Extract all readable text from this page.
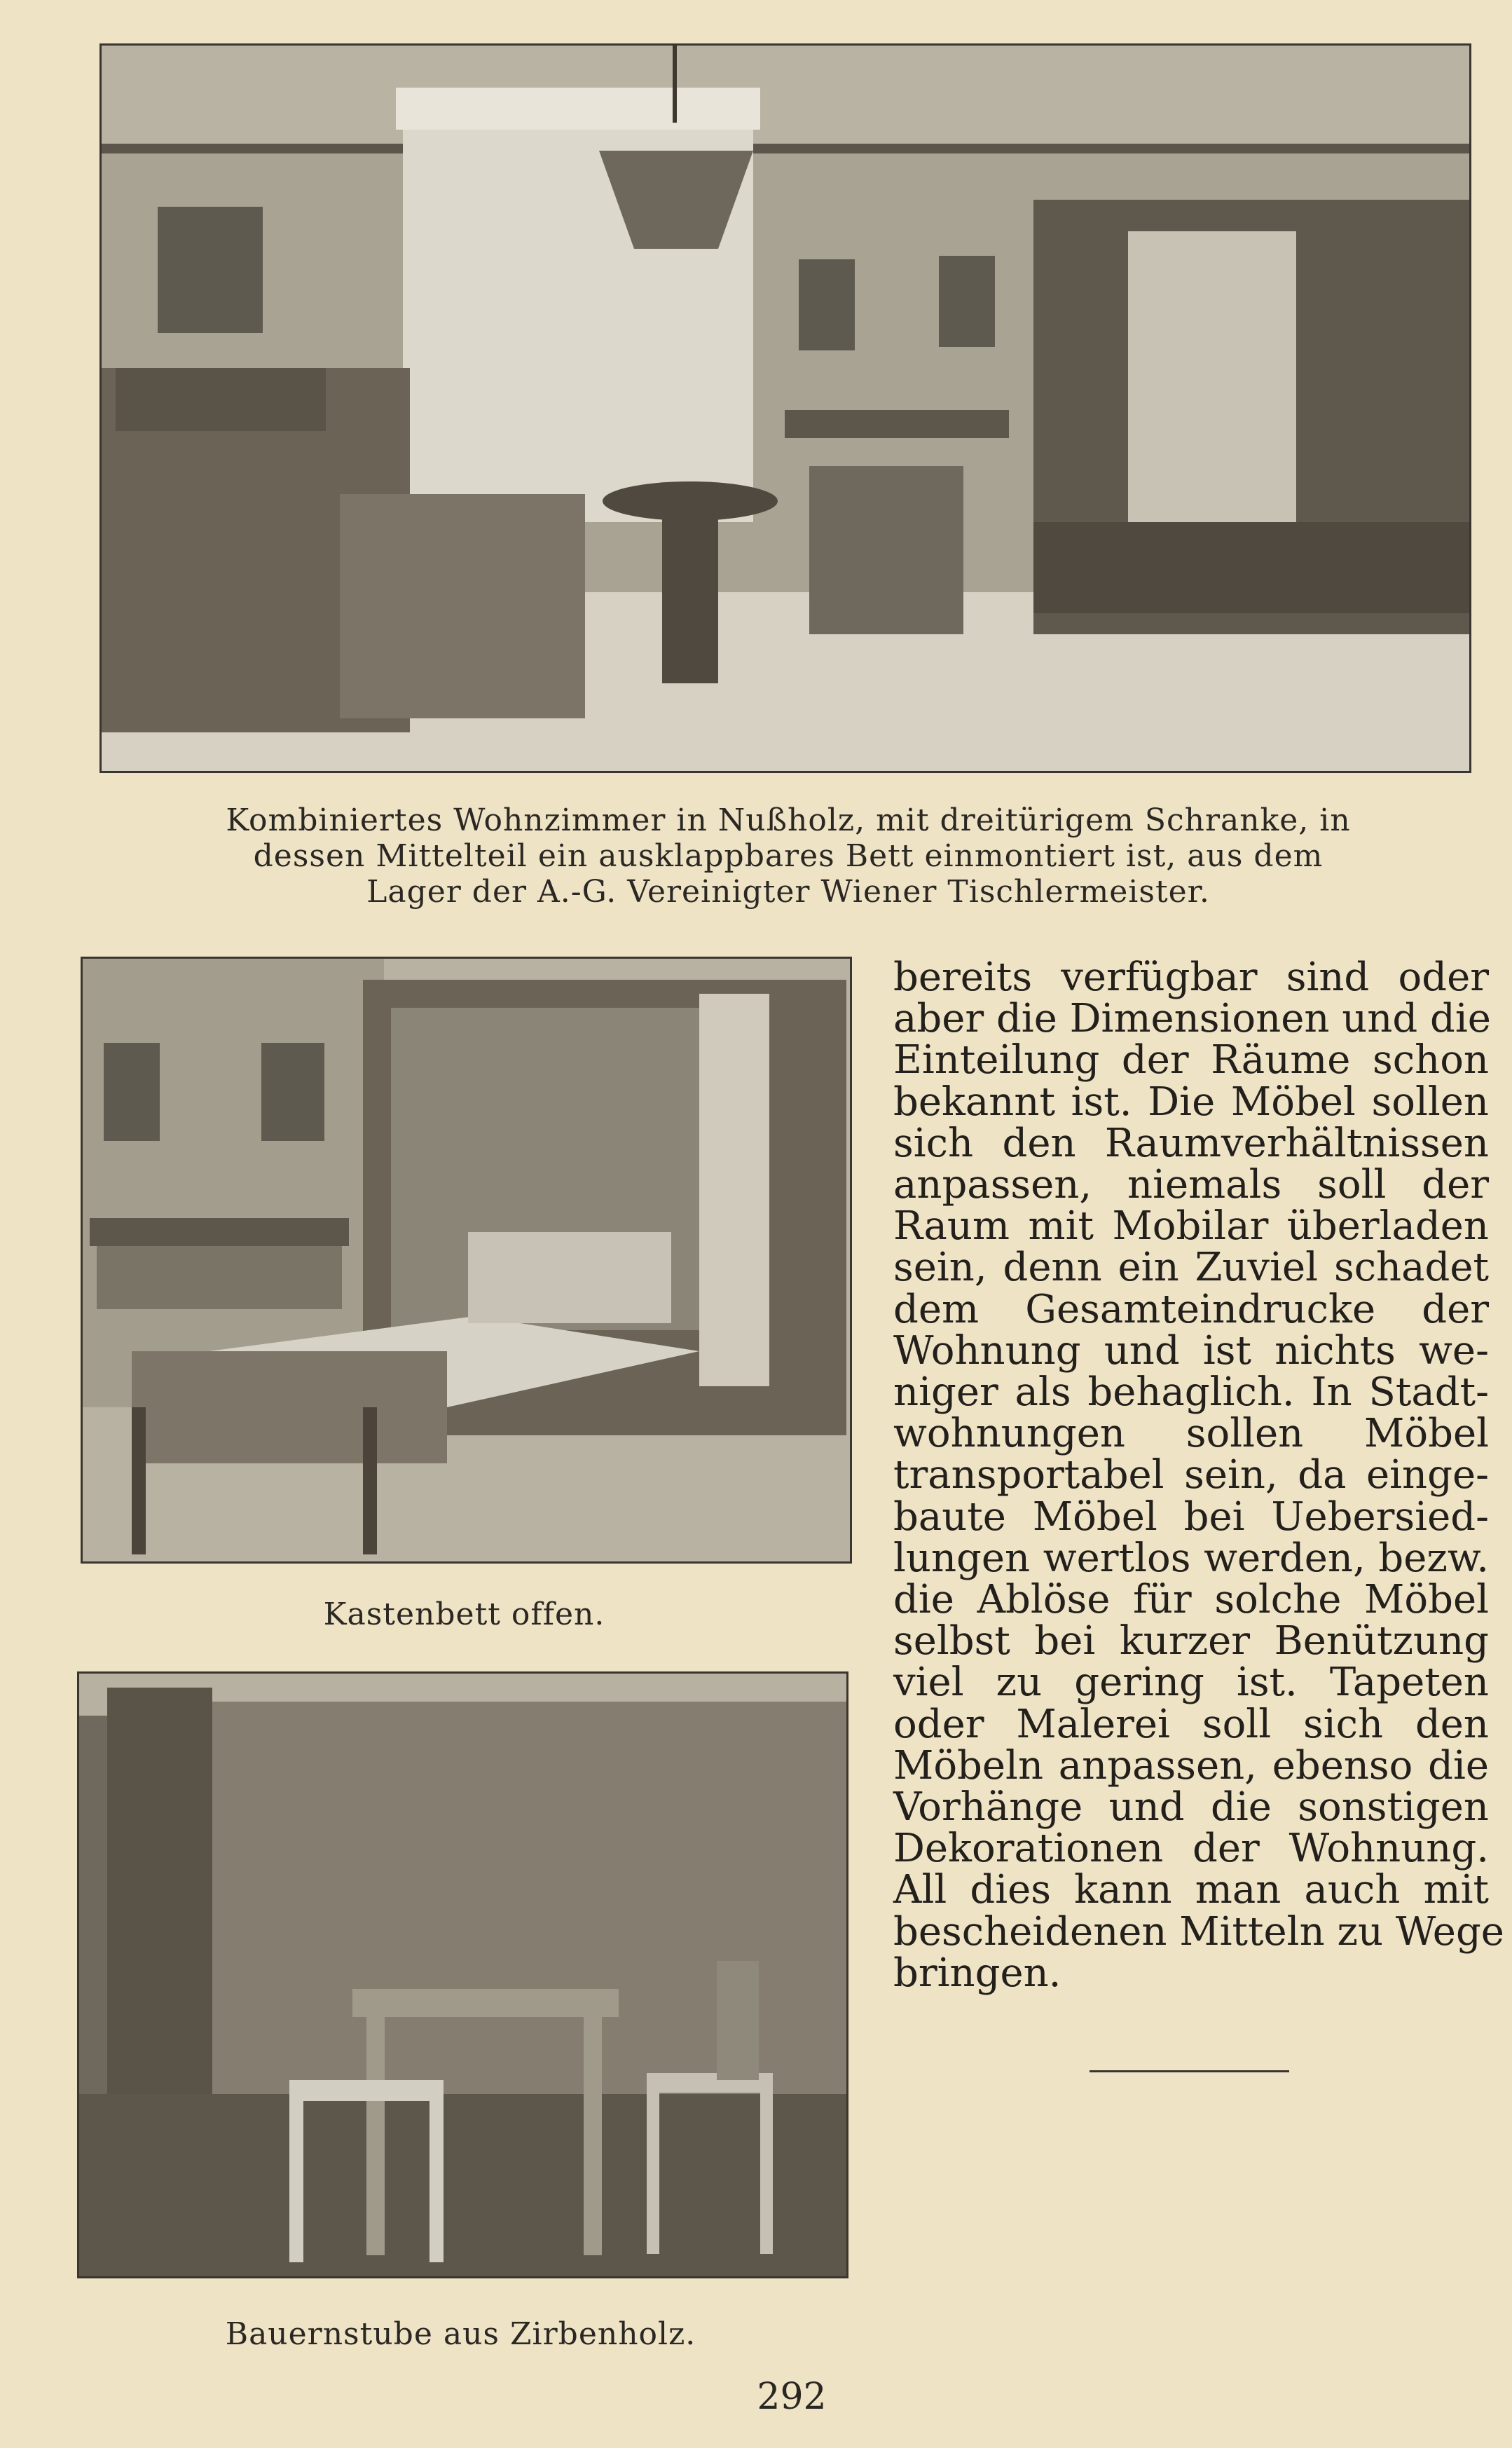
Kombiniertes Wohnzimmer in Nußholz, mit dreitürigem Schranke, in
dessen Mittelteil ein ausklappbares Bett einmontiert ist, aus dem
Lager der A.-G. Vereinigter Wiener Tischlermeister.
Kastenbett offen.
Bauernstube aus Zirbenholz.
bereits verfügbar sind oder
aber die Dimensionen und die
Einteilung der Räume schon
bekannt ist. Die Möbel sollen
sich den Raumverhältnissen
anpassen, niemals soll der
Raum mit Mobilar überladen
sein, denn ein Zuviel schadet
dem Gesamteindrucke der
Wohnung und ist nichts we-
niger als behaglich. In Stadt-
wohnungen sollen Möbel
transportabel sein, da einge-
baute Möbel bei Uebersied-
lungen wertlos werden, bezw.
die Ablöse für solche Möbel
selbst bei kurzer Benützung
viel zu gering ist. Tapeten
oder Malerei soll sich den
Möbeln anpassen, ebenso die
Vorhänge und die sonstigen
Dekorationen der Wohnung.
All dies kann man auch mit
bescheidenen Mitteln zu Wege
bringen.
292
